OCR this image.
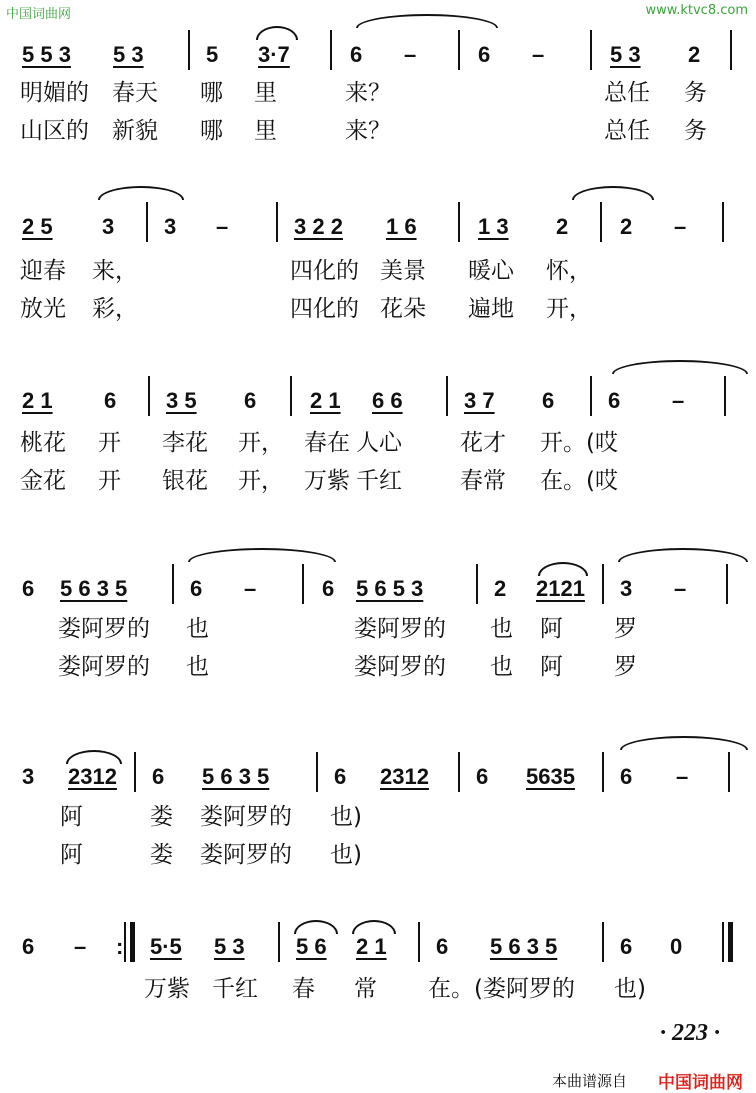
中国词曲网	www.ktvc8.com
5 5 3 5 3	5 3·7	6 –	6 –	5 3 2
明媚的 春天 哪 里	来？	总任 务
山区的 新貌 哪 里	来？	总任 务
2 5 3 3 –	3 2 2 1 6	1 3 2 2 –
迎春 来，	四化的 美景 暖心 怀，
放光 彩，	四化的 花朵 遍地 开，
2 1 6 3 5 6 2 1 6 6	3 7 6 6 –
桃花 开 李花 开， 春在 人心	花才 开。(哎
金花 开 银花 开， 万紫 千红	春常 在。(哎
6 5 6 3 5	6 –	6 5 6 5 3	2 2121 3 –
娄阿罗的 也	娄阿罗的 也 阿 罗
娄阿罗的 也	娄阿罗的 也 阿 罗
3 2312 6 5 6 3 5	6 2312 6 5635 6 –
阿	娄 娄阿罗的 也)
阿	娄 娄阿罗的 也)
6 – : 5·5 5 3 5 6 2 1 6 5 6 3 5	6 0
万紫 千红 春 常 在。(娄阿罗的 也)
· 223 ·
本曲谱源自 中国词曲网
